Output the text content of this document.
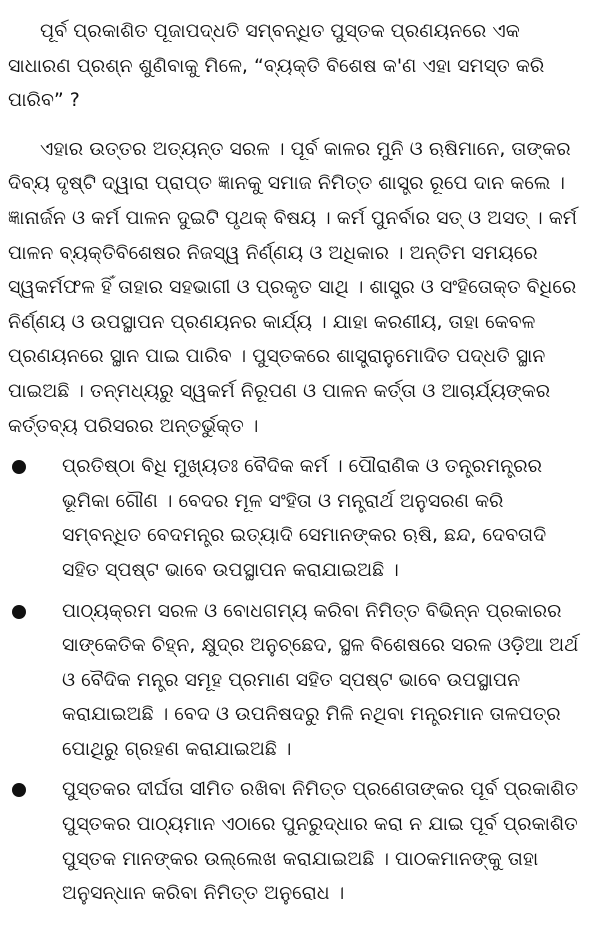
ପୂର୍ବ ପ୍ରକାଶିତ ପୂଜାପଦ୍ଧତି ସମ୍ବନ୍ଧିତ ପୁସ୍ତକ ପ୍ରଣୟନରେ ଏକ ସାଧାରଣ ପ୍ରଶ୍ନ ଶୁଣିବାକୁ ମିଳେ, “ବ୍ୟକ୍ତି ବିଶେଷ କ'ଣ ଏହା ସମସ୍ତ କରି ପାରିବ” ?

ଏହାର ଉତ୍ତର ଅତ୍ୟନ୍ତ ସରଳ । ପୂର୍ବ କାଳର ମୁନି ଓ ଋଷିମାନେ, ତାଙ୍କର ଦିବ୍ୟ ଦୃଷ୍ଟି ଦ୍ୱାରା ପ୍ରାପ୍ତ ଜ୍ଞାନକୁ ସମାଜ ନିମିତ୍ତ ଶାସ୍ତ୍ର ରୂପେ ଦାନ କଲେ । ଜ୍ଞାନାର୍ଜନ ଓ କର୍ମ ପାଳନ ଦୁଇଟି ପୃଥକ୍ ବିଷୟ । କର୍ମ ପୁନର୍ବାର ସତ୍ ଓ ଅସତ୍ । କର୍ମ ପାଳନ ବ୍ୟକ୍ତିବିଶେଷର ନିଜସ୍ୱ ନିର୍ଣ୍ଣୟ ଓ ଅଧିକାର । ଅନ୍ତିମ ସମୟରେ ସ୍ୱକର୍ମଫଳ ହିଁ ତାହାର ସହଭାଗୀ ଓ ପ୍ରକୃତ ସାଥି । ଶାସ୍ତ୍ର ଓ ସଂହିତୋକ୍ତ ବିଧିରେ ନିର୍ଣ୍ଣୟ ଓ ଉପସ୍ଥାପନ ପ୍ରଣୟନର କାର୍ଯ୍ୟ । ଯାହା କରଣୀୟ, ତାହା କେବଳ ପ୍ରଣୟନରେ ସ୍ଥାନ ପାଇ ପାରିବ । ପୁସ୍ତକରେ ଶାସ୍ତ୍ରାନୁମୋଦିତ ପଦ୍ଧତି ସ୍ଥାନ ପାଇଅଛି । ତନ୍ମଧ୍ୟରୁ ସ୍ୱକର୍ମ ନିରୂପଣ ଓ ପାଳନ କର୍ତ୍ତା ଓ ଆଚାର୍ଯ୍ୟଙ୍କର କର୍ତ୍ତବ୍ୟ ପରିସରର ଅନ୍ତର୍ଭୁକ୍ତ ।

ପ୍ରତିଷ୍ଠା ବିଧି ମୁଖ୍ୟତଃ ବୈଦିକ କର୍ମ । ପୌରାଣିକ ଓ ତନ୍ତ୍ରମନ୍ତ୍ରର ଭୂମିକା ଗୌଣ । ବେଦର ମୂଳ ସଂହିତା ଓ ମନ୍ତ୍ରାର୍ଥ ଅନୁସରଣ କରି ସମ୍ବନ୍ଧିତ ବେଦମନ୍ତ୍ର ଇତ୍ୟାଦି ସେମାନଙ୍କର ଋଷି, ଛନ୍ଦ, ଦେବତାଦି ସହିତ ସ୍ପଷ୍ଟ ଭାବେ ଉପସ୍ଥାପନ କରାଯାଇଅଛି ।

ପାଠ୍ୟକ୍ରମ ସରଳ ଓ ବୋଧଗମ୍ୟ କରିବା ନିମିତ୍ତ ବିଭିନ୍ନ ପ୍ରକାରର ସାଙ୍କେତିକ ଚିହ୍ନ, କ୍ଷୁଦ୍ର ଅନୁଚ୍ଛେଦ, ସ୍ଥଳ ବିଶେଷରେ ସରଳ ଓଡ଼ିଆ ଅର୍ଥ ଓ ବୈଦିକ ମନ୍ତ୍ର ସମୂହ ପ୍ରମାଣ ସହିତ ସ୍ପଷ୍ଟ ଭାବେ ଉପସ୍ଥାପନ କରାଯାଇଅଛି । ବେଦ ଓ ଉପନିଷଦରୁ ମିଳି ନଥିବା ମନ୍ତ୍ରମାନ ତାଳପତ୍ର ପୋଥିରୁ ଗ୍ରହଣ କରାଯାଇଅଛି ।

ପୁସ୍ତକର ଦୀର୍ଘତା ସୀମିତ ରଖିବା ନିମିତ୍ତ ପ୍ରଣେତାଙ୍କର ପୂର୍ବ ପ୍ରକାଶିତ ପୁସ୍ତକର ପାଠ୍ୟମାନ ଏଠାରେ ପୁନରୁଦ୍ଧାର କରା ନ ଯାଇ ପୂର୍ବ ପ୍ରକାଶିତ ପୁସ୍ତକ ମାନଙ୍କର ଉଲ୍ଲେଖ କରାଯାଇଅଛି । ପାଠକମାନଙ୍କୁ ତାହା ଅନୁସନ୍ଧାନ କରିବା ନିମିତ୍ତ ଅନୁରୋଧ ।
